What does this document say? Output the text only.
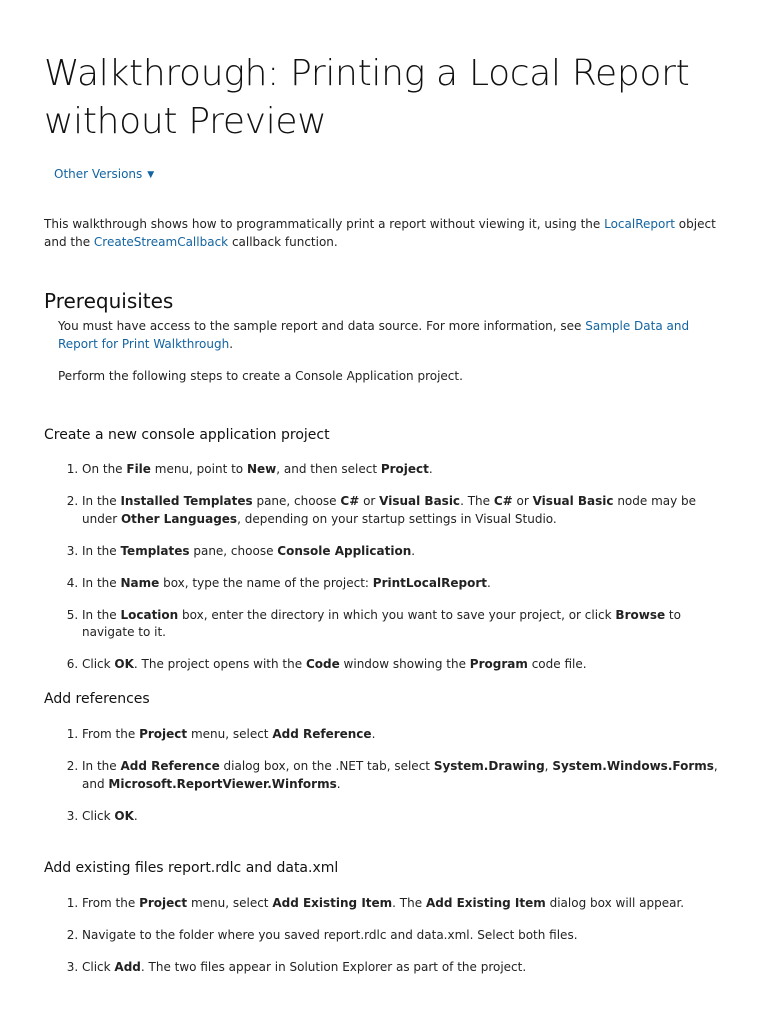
Walkthrough: Printing a Local Report without Preview
Other Versions ▼

This walkthrough shows how to programmatically print a report without viewing it, using the LocalReport object and the CreateStreamCallback callback function.

Prerequisites

You must have access to the sample report and data source. For more information, see Sample Data and Report for Print Walkthrough.

Perform the following steps to create a Console Application project.

Create a new console application project
1. On the File menu, point to New, and then select Project.
2. In the Installed Templates pane, choose C# or Visual Basic. The C# or Visual Basic node may be under Other Languages, depending on your startup settings in Visual Studio.
3. In the Templates pane, choose Console Application.
4. In the Name box, type the name of the project: PrintLocalReport.
5. In the Location box, enter the directory in which you want to save your project, or click Browse to navigate to it.
6. Click OK. The project opens with the Code window showing the Program code file.
Add references
1. From the Project menu, select Add Reference.
2. In the Add Reference dialog box, on the .NET tab, select System.Drawing, System.Windows.Forms, and Microsoft.ReportViewer.Winforms.
3. Click OK.
Add existing files report.rdlc and data.xml
1. From the Project menu, select Add Existing Item. The Add Existing Item dialog box will appear.
2. Navigate to the folder where you saved report.rdlc and data.xml. Select both files.
3. Click Add. The two files appear in Solution Explorer as part of the project.
